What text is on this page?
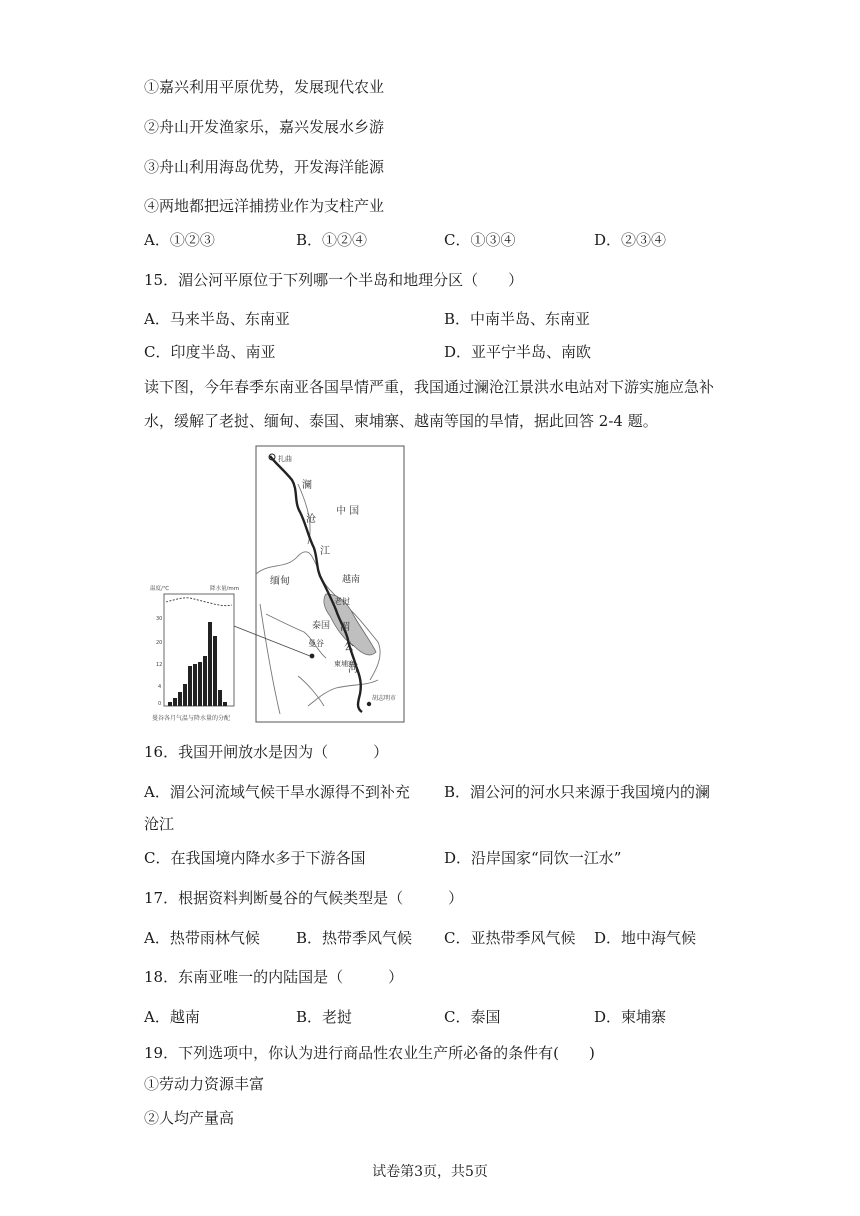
①嘉兴利用平原优势，发展现代农业
②舟山开发渔家乐，嘉兴发展水乡游
③舟山利用海岛优势，开发海洋能源
④两地都把远洋捕捞业作为支柱产业
A．①②③	B．①②④	C．①③④	D．②③④
15．湄公河平原位于下列哪一个半岛和地理分区（　　）
A．马来半岛、东南亚	B．中南半岛、东南亚
C．印度半岛、南亚	D．亚平宁半岛、南欧
读下图，今年春季东南亚各国旱情严重，我国通过澜沧江景洪水电站对下游实施应急补
水，缓解了老挝、缅甸、泰国、柬埔寨、越南等国的旱情，据此回答 2-4 题。
扎曲
澜
沧
江
中 国
缅甸	越南
老挝
泰国 湄
公
河
曼谷
柬埔寨
胡志明市
温度/℃	降水量/mm
30
20
12
4
0
曼谷各月气温与降水量的分配
16．我国开闸放水是因为（　　　）
A．湄公河流域气候干旱水源得不到补充 B．湄公河的河水只来源于我国境内的澜
沧江
C．在我国境内降水多于下游各国	D．沿岸国家“同饮一江水”
17．根据资料判断曼谷的气候类型是（　　　）
A．热带雨林气候 B．热带季风气候 C．亚热带季风气候 D．地中海气候
18．东南亚唯一的内陆国是（　　　）
A．越南	B．老挝	C．泰国	D．柬埔寨
19．下列选项中，你认为进行商品性农业生产所必备的条件有(　　)
①劳动力资源丰富
②人均产量高
试卷第3页，共5页
